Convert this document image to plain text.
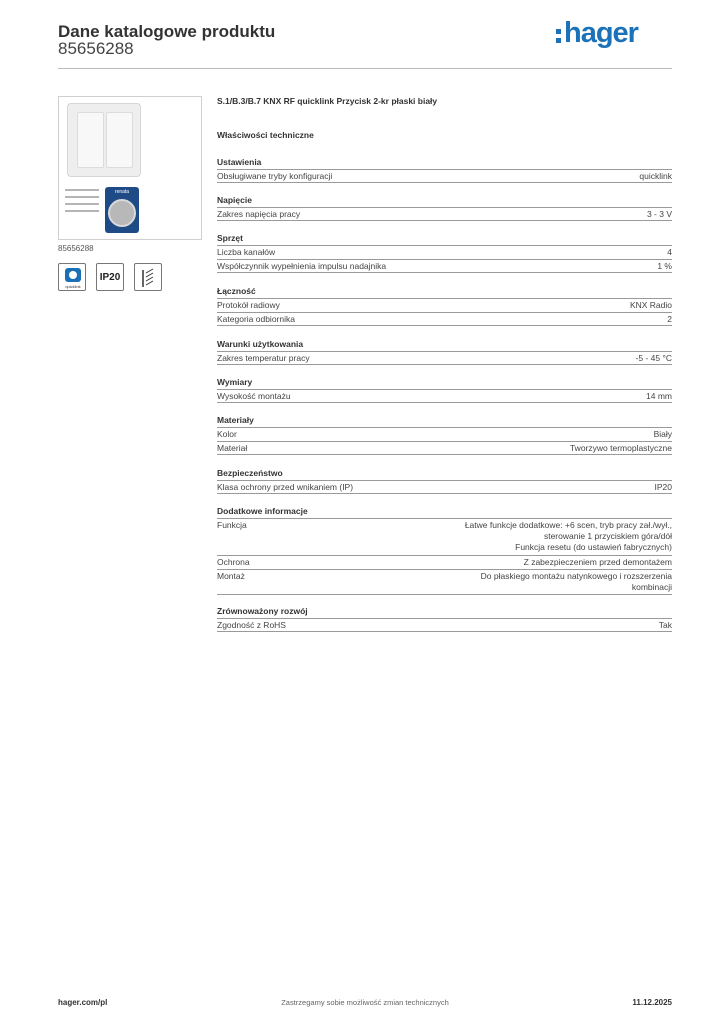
Dane katalogowe produktu
85656288	hager
renata
85656288
quicklink
IP20
S.1/B.3/B.7 KNX RF quicklink Przycisk 2-kr płaski biały
Właściwości techniczne
Ustawienia
Obsługiwane tryby konfiguracji	quicklink
Napięcie
Zakres napięcia pracy	3 - 3 V
Sprzęt
Liczba kanałów	4
Współczynnik wypełnienia impulsu nadajnika	1 %
Łączność
Protokół radiowy	KNX Radio
Kategoria odbiornika	2
Warunki użytkowania
Zakres temperatur pracy	-5 - 45 °C
Wymiary
Wysokość montażu	14 mm
Materiały
Kolor	Biały
Materiał	Tworzywo termoplastyczne
Bezpieczeństwo
Klasa ochrony przed wnikaniem (IP)	IP20
Dodatkowe informacje
Funkcja	Łatwe funkcje dodatkowe: +6 scen, tryb pracy zał./wył.,
sterowanie 1 przyciskiem góra/dół
Funkcja resetu (do ustawień fabrycznych)
Ochrona	Z zabezpieczeniem przed demontażem
Montaż	Do płaskiego montażu natynkowego i rozszerzenia
kombinacji
Zrównoważony rozwój
Zgodność z RoHS	Tak
hager.com/pl	Zastrzegamy sobie możliwość zmian technicznych	11.12.2025
